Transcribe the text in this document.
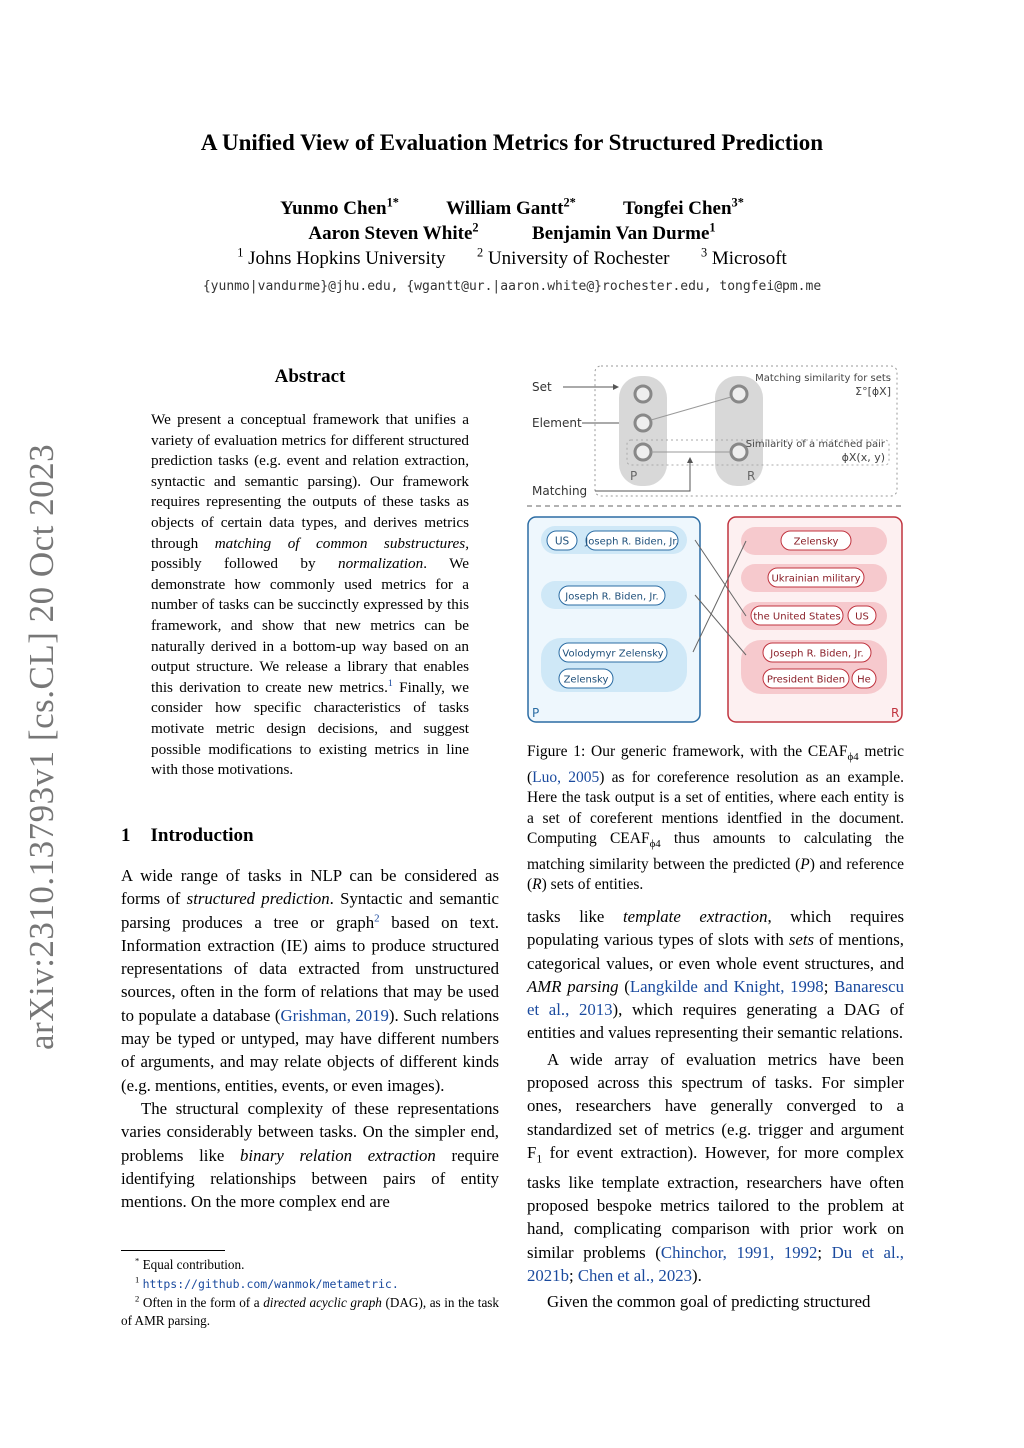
arXiv:2310.13793v1 [cs.CL] 20 Oct 2023
A Unified View of Evaluation Metrics for Structured Prediction
Yunmo Chen$^{1*}$ William Gantt$^{2*}$ Tongfei Chen$^{3*}$
Aaron Steven White$^2$	Benjamin Van Durme$^1$
$^1$ Johns Hopkins University	$^2$ University of Rochester	$^3$ Microsoft
{yunmo|vandurme}@jhu.edu, {wgantt@ur.|aaron.white@}rochester.edu, tongfei@pm.me
Abstract
We present a conceptual framework that unifies a variety of evaluation metrics for different structured prediction tasks (e.g. event and relation extraction, syntactic and semantic parsing). Our framework requires representing the outputs of these tasks as objects of certain data types, and derives metrics through matching of common substructures, possibly followed by normalization. We demonstrate how commonly used metrics for a number of tasks can be succinctly expressed by this framework, and show that new metrics can be naturally derived in a bottom-up way based on an output structure. We release a library that enables this derivation to create new metrics.$^1$ Finally, we consider how specific characteristics of tasks motivate metric design decisions, and suggest possible modifications to existing metrics in line with those motivations.
1 Introduction

A wide range of tasks in NLP can be considered as forms of structured prediction. Syntactic and semantic parsing produces a tree or graph$^2$ based on text. Information extraction (IE) aims to produce structured representations of data extracted from unstructured sources, often in the form of relations that may be used to populate a database (Grishman, 2019). Such relations may be typed or untyped, may have different numbers of arguments, and may relate objects of different kinds (e.g. mentions, entities, events, or even images).

The structural complexity of these representations varies considerably between tasks. On the simpler end, problems like binary relation extraction require identifying relationships between pairs of entity mentions. On the more complex end are

* Equal contribution.
$^1$ https://github.com/wanmok/metametric.
$^2$ Often in the form of a directed acyclic graph (DAG), as in the task of AMR parsing.
Set
Element
Matching
P	R
Matching similarity for sets
Σ°[ϕX]
Similarity of a matched pair
ϕX(x, y)
P	R
US Joseph R. Biden, Jr.
Joseph R. Biden, Jr.
Volodymyr Zelensky
Zelensky
Zelensky
Ukrainian military
the United States US
Joseph R. Biden, Jr.
President Biden He
Figure 1: Our generic framework, with the $CEAF_{\phi 4}$ metric (Luo, 2005) as for coreference resolution as an example. Here the task output is a set of entities, where each entity is a set of coreferent mentions identfied in the document. Computing $CEAF_{\phi 4}$ thus amounts to calculating the matching similarity between the predicted (P) and reference (R) sets of entities.

tasks like template extraction, which requires populating various types of slots with sets of mentions, categorical values, or even whole event structures, and AMR parsing (Langkilde and Knight, 1998; Banarescu et al., 2013), which requires generating a DAG of entities and values representing their semantic relations.

A wide array of evaluation metrics have been proposed across this spectrum of tasks. For simpler ones, researchers have generally converged to a standardized set of metrics (e.g. trigger and argument $F_1$ for event extraction). However, for more complex tasks like template extraction, researchers have often proposed bespoke metrics tailored to the problem at hand, complicating comparison with prior work on similar problems (Chinchor, 1991, 1992; Du et al., 2021b; Chen et al., 2023).

Given the common goal of predicting structured
